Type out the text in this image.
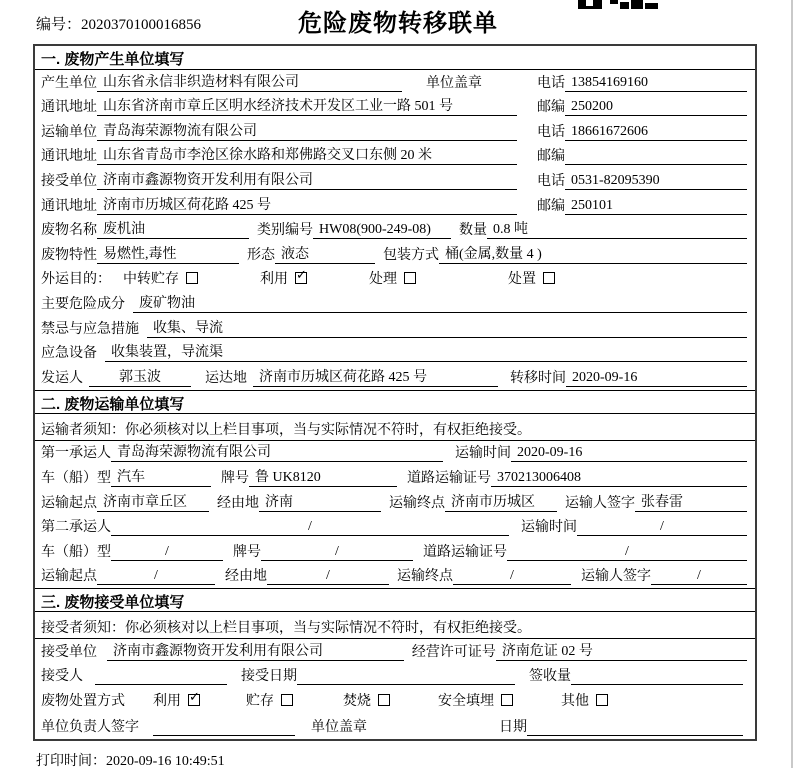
编号：2020370100016856	危险废物转移联单
一. 废物产生单位填写
产生单位 山东省永信非织造材料有限公司	单位盖章	电话 13854169160
通讯地址 山东省济南市章丘区明水经济技术开发区工业一路 501 号	邮编 250200
运输单位 青岛海荣源物流有限公司	电话 18661672606
通讯地址 山东省青岛市李沧区徐水路和郑佛路交叉口东侧 20 米	邮编
接受单位 济南市鑫源物资开发利用有限公司	电话 0531-82095390
通讯地址 济南市历城区荷花路 425 号	邮编 250101
废物名称 废机油	类别编号 HW08(900-249-08)	数量 0.8 吨
废物特性 易燃性,毒性	形态 液态	包装方式 桶(金属,数量 4 )
外运目的： 中转贮存	利用 ✓	处理	处置
主要危险成分	废矿物油
禁忌与应急措施	收集、导流
应急设备	收集装置，导流渠
发运人	郭玉波	运达地 济南市历城区荷花路 425 号	转移时间 2020-09-16
二. 废物运输单位填写
运输者须知：你必须核对以上栏目事项，当与实际情况不符时，有权拒绝接受。
第一承运人 青岛海荣源物流有限公司	运输时间 2020-09-16
车（船）型 汽车	牌号 鲁 UK8120	道路运输证号 370213006408
运输起点 济南市章丘区	经由地 济南	运输终点 济南市历城区	运输人签字 张春雷
第二承运人	/	运输时间	/
车（船）型	/	牌号	/	道路运输证号	/
运输起点	/	经由地	/	运输终点	/	运输人签字	/
三. 废物接受单位填写
接受者须知：你必须核对以上栏目事项，当与实际情况不符时，有权拒绝接受。
接受单位	济南市鑫源物资开发利用有限公司	经营许可证号 济南危证 02 号
接受人	接受日期	签收量
废物处置方式 利用 ✓	贮存	焚烧	安全填埋	其他
单位负责人签字	单位盖章	日期
打印时间：2020-09-16 10:49:51
